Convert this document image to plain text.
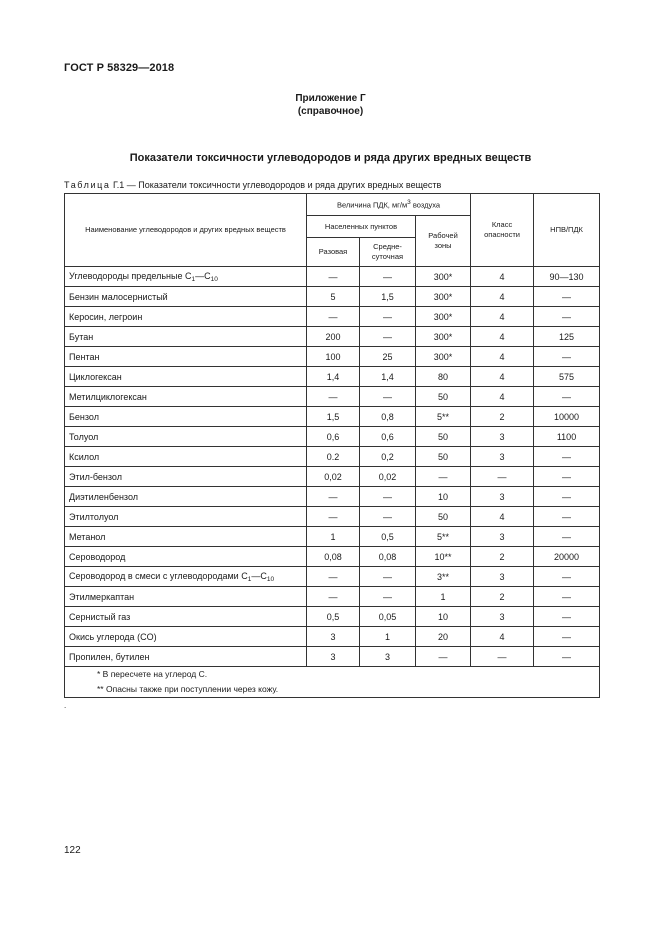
ГОСТ Р 58329—2018
Приложение Г
(справочное)
Показатели токсичности углеводородов и ряда других вредных веществ
Таблица Г.1 — Показатели токсичности углеводородов и ряда других вредных веществ
Наименование углеводородов и других вредных веществ	Величина ПДК, $мг/м^3$ воздуха			Класс опасности	НПВ/ПДК
	Населенных пунктов		Рабочей зоны		
	Разовая	Средне-суточная			
Углеводороды предельные $C_1—C_{10}$	—	—	300*	4	90—130
Бензин малосернистый	5	1,5	300*	4	—
Керосин, легроин	—	—	300*	4	—
Бутан	200	—	300*	4	125
Пентан	100	25	300*	4	—
Циклогексан	1,4	1,4	80	4	575
Метилциклогексан	—	—	50	4	—
Бензол	1,5	0,8	5**	2	10000
Толуол	0,6	0,6	50	3	1100
Ксилол	0.2	0,2	50	3	—
Этил-бензол	0,02	0,02	—	—	—
Диэтиленбензол	—	—	10	3	—
Этилтолуол	—	—	50	4	—
Метанол	1	0,5	5**	3	—
Сероводород	0,08	0,08	10**	2	20000
Сероводород в смеси с углеводородами $C_1—C_{10}$	—	—	3**	3	—
Этилмеркаптан	—	—	1	2	—
Сернистый газ	0,5	0,05	10	3	—
Окись углерода (CO)	3	1	20	4	—
Пропилен, бутилен	3	3	—	—	—

* В пересчете на углерод С.
** Опасны также при поступлении через кожу.					
.
122
